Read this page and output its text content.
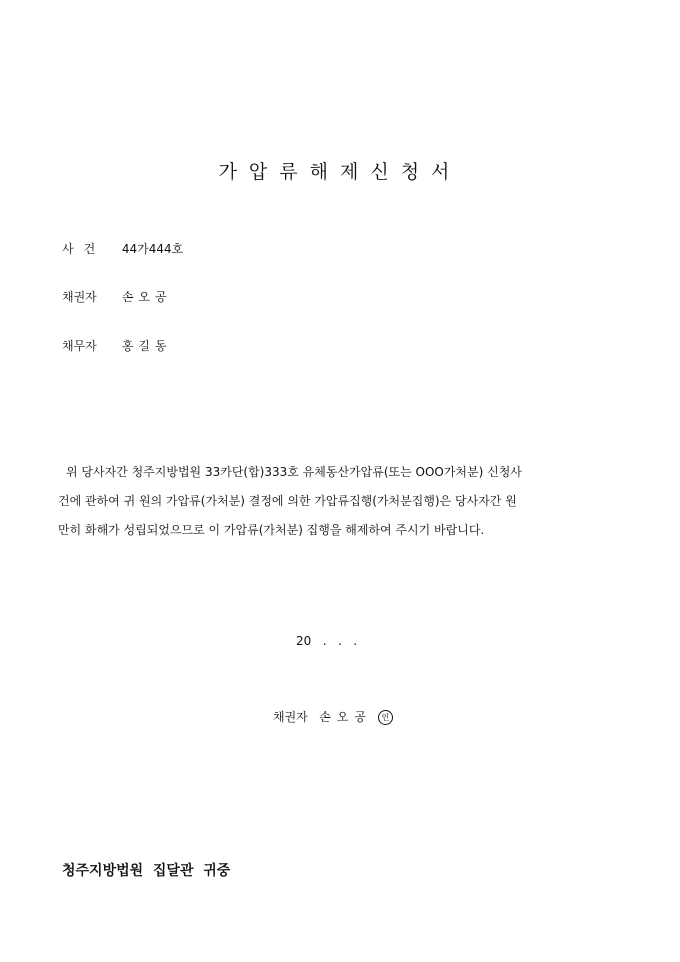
가압류해제신청서
사건 44가444호
채권자 손오공
채무자 홍길동
위 당사자간 청주지방법원 33카단(합)333호 유체동산가압류(또는 OOO가처분) 신청사
건에 관하여 귀 원의 가압류(가처분) 결정에 의한 가압류집행(가처분집행)은 당사자간 원
만히 화해가 성립되었으므로 이 가압류(가처분) 집행을 해제하여 주시기 바랍니다.
20   .   .   .
채권자 손오공 인
청주지방법원  집달관  귀중
